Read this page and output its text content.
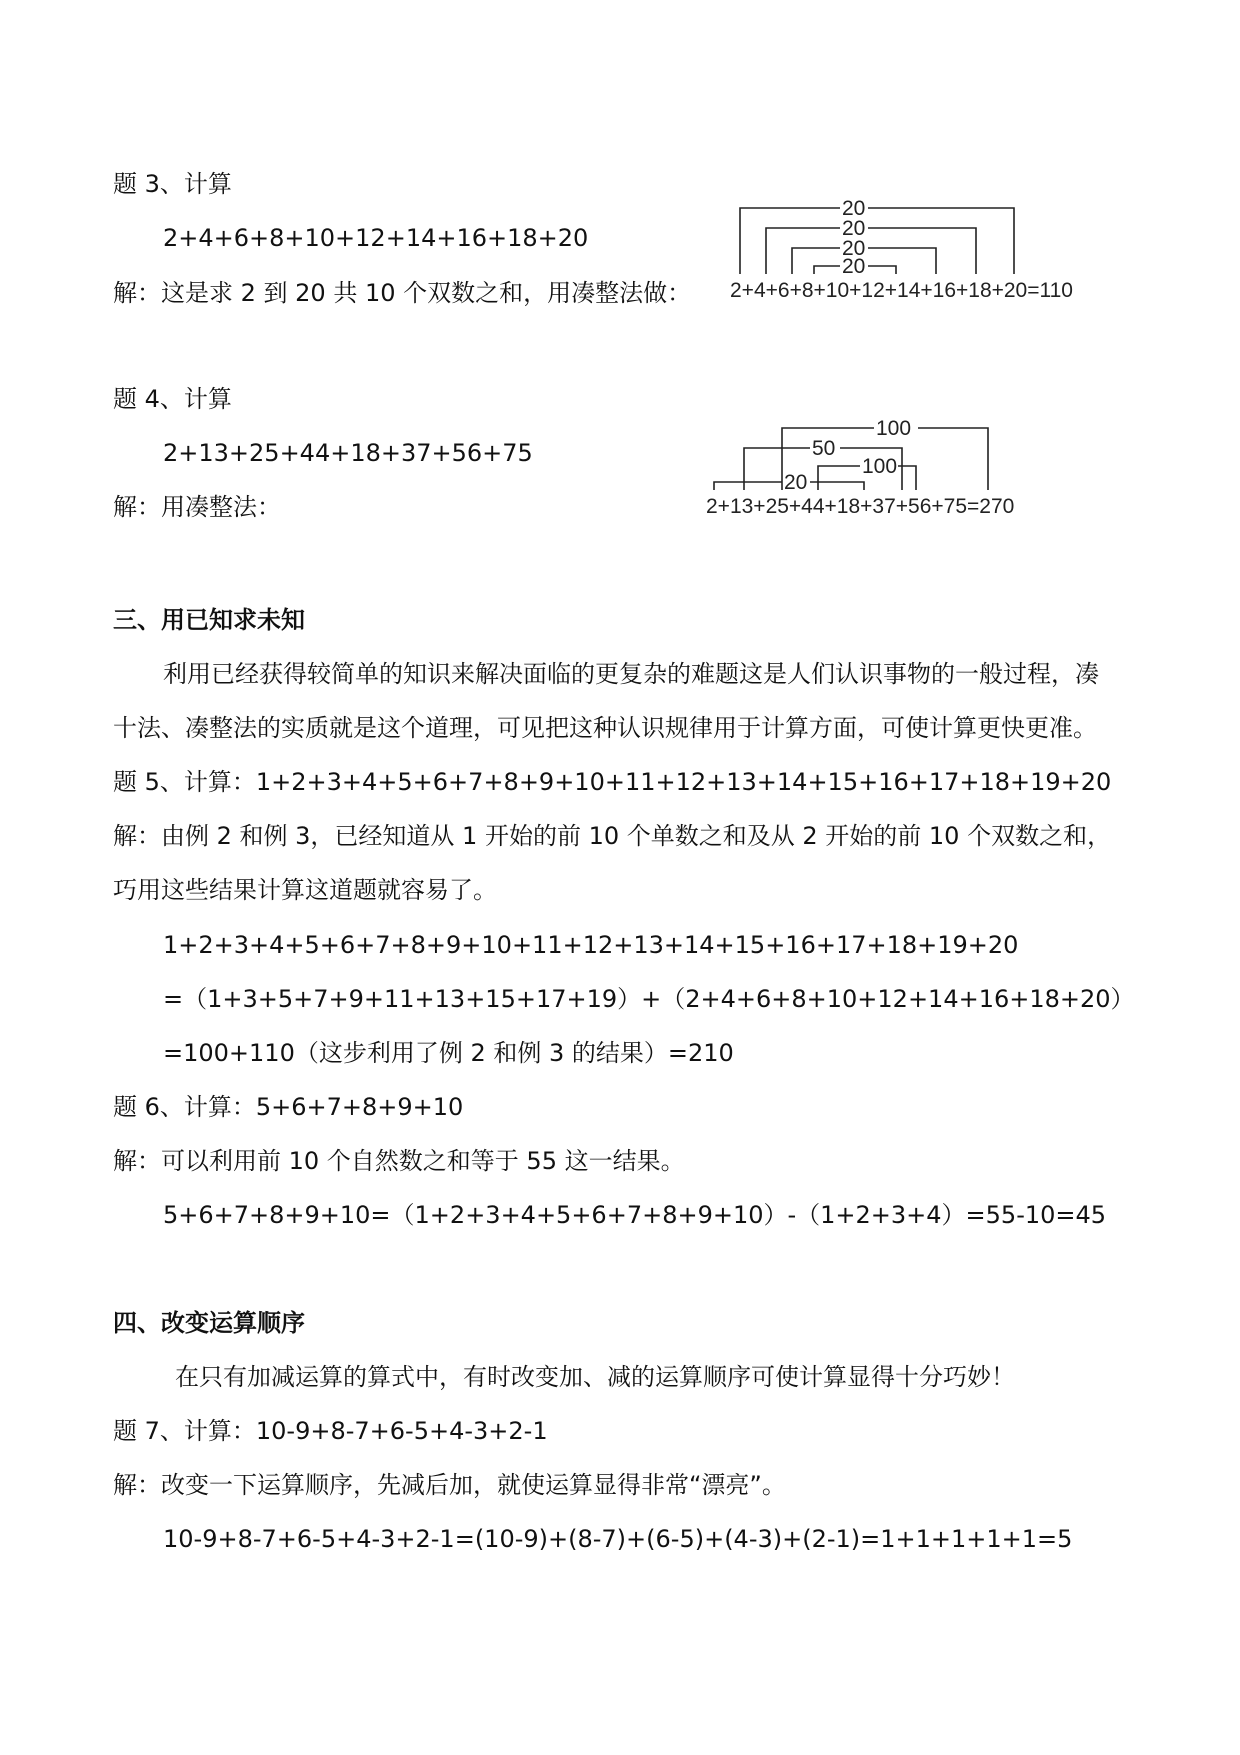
题 3、计算
2+4+6+8+10+12+14+16+18+20
解：这是求 2 到 20 共 10 个双数之和，用凑整法做：
20
20
20
20
2+4+6+8+10+12+14+16+18+20=110
题 4、计算
2+13+25+44+18+37+56+75
解：用凑整法：
100
50
100
20
2+13+25+44+18+37+56+75=270
三、用已知求未知
利用已经获得较简单的知识来解决面临的更复杂的难题这是人们认识事物的一般过程，凑
十法、凑整法的实质就是这个道理，可见把这种认识规律用于计算方面，可使计算更快更准。
题 5、计算：1+2+3+4+5+6+7+8+9+10+11+12+13+14+15+16+17+18+19+20
解：由例 2 和例 3，已经知道从 1 开始的前 10 个单数之和及从 2 开始的前 10 个双数之和，
巧用这些结果计算这道题就容易了。
1+2+3+4+5+6+7+8+9+10+11+12+13+14+15+16+17+18+19+20
=（1+3+5+7+9+11+13+15+17+19）+（2+4+6+8+10+12+14+16+18+20）
=100+110（这步利用了例 2 和例 3 的结果）=210
题 6、计算：5+6+7+8+9+10
解：可以利用前 10 个自然数之和等于 55 这一结果。
5+6+7+8+9+10=（1+2+3+4+5+6+7+8+9+10）-（1+2+3+4）=55-10=45
四、改变运算顺序
在只有加减运算的算式中，有时改变加、减的运算顺序可使计算显得十分巧妙！
题 7、计算：10-9+8-7+6-5+4-3+2-1
解：改变一下运算顺序，先减后加，就使运算显得非常“漂亮”。
10-9+8-7+6-5+4-3+2-1=(10-9)+(8-7)+(6-5)+(4-3)+(2-1)=1+1+1+1+1=5
